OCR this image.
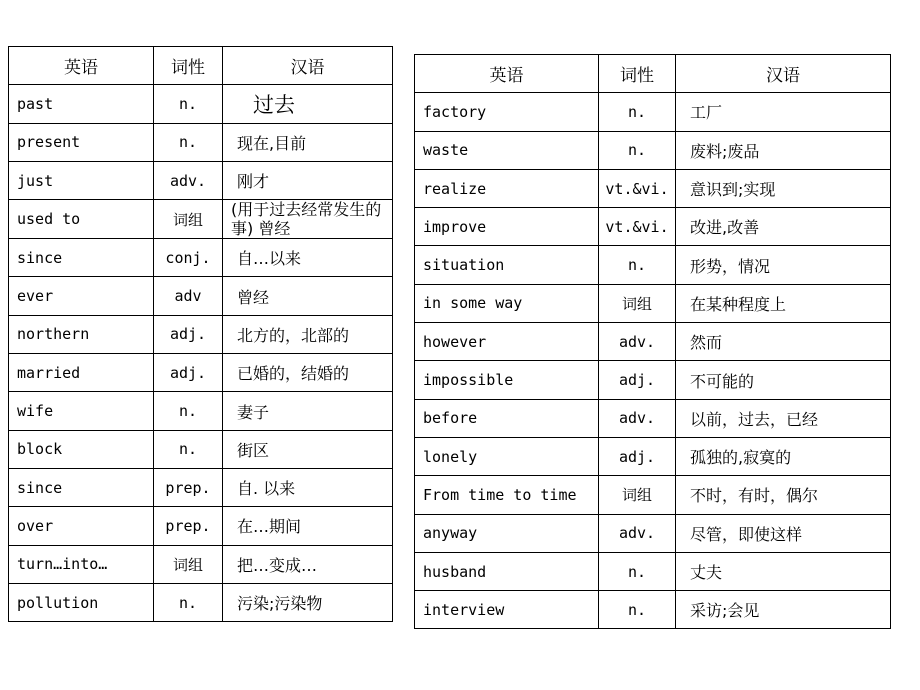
英语	词性	汉语
past	n.	过去
present	n.	现在,目前
just	adv.	刚才
used to	词组	(用于过去经常发生的事) 曾经
since	conj.	自…以来
ever	adv	曾经
northern	adj.	北方的，北部的
married	adj.	已婚的，结婚的
wife	n.	妻子
block	n.	街区
since	prep.	自. 以来
over	prep.	在…期间
turn…into…	词组	把…变成…
pollution	n.	污染;污染物
英语	词性	汉语
factory	n.	工厂
waste	n.	废料;废品
realize	vt.&vi.	意识到;实现
improve	vt.&vi.	改进,改善
situation	n.	形势，情况
in some way	词组	在某种程度上
however	adv.	然而
impossible	adj.	不可能的
before	adv.	以前，过去，已经
lonely	adj.	孤独的,寂寞的
From time to time	词组	不时，有时，偶尔
anyway	adv.	尽管，即使这样
husband	n.	丈夫
interview	n.	采访;会见
